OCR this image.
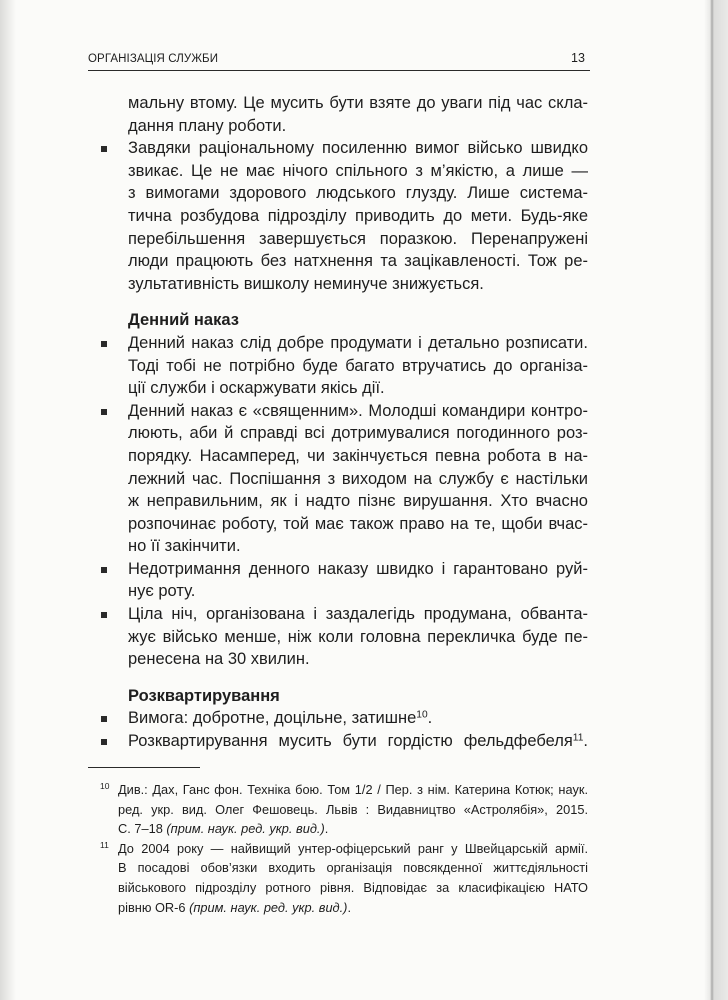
ОРГАНІЗАЦІЯ СЛУЖБИ	13
мальну втому. Це мусить бути взяте до уваги під час скла-
дання плану роботи.
Завдяки раціональному посиленню вимог військо швидко
звикає. Це не має нічого спільного з м’якістю, а лише —
з вимогами здорового людського глузду. Лише система-
тична розбудова підрозділу приводить до мети. Будь-яке
перебільшення завершується поразкою. Перенапружені
люди працюють без натхнення та зацікавленості. Тож ре-
зультативність вишколу неминуче знижується.
Денний наказ
Денний наказ слід добре продумати і детально розписати.
Тоді тобі не потрібно буде багато втручатись до організа-
ції служби і оскаржувати якісь дії.
Денний наказ є «священним». Молодші командири контро-
люють, аби й справді всі дотримувалися погодинного роз-
порядку. Насамперед, чи закінчується певна робота в на-
лежний час. Поспішання з виходом на службу є настільки
ж неправильним, як і надто пізнє вирушання. Хто вчасно
розпочинає роботу, той має також право на те, щоби вчас-
но її закінчити.
Недотримання денного наказу швидко і гарантовано руй-
нує роту.
Ціла ніч, організована і заздалегідь продумана, обванта-
жує військо менше, ніж коли головна перекличка буде пе-
ренесена на 30 хвилин.
Розквартирування
Вимога: добротне, доцільне, затишне$^{10}$.
Розквартирування мусить бути гордістю фельдфебеля$^{11}$.
10 Див.: Дах, Ганс фон. Техніка бою. Том 1/2 / Пер. з нім. Катерина Котюк; наук.
ред. укр. вид. Олег Фешовець. Львів : Видавництво «Астролябія», 2015.
С. 7–18 (прим. наук. ред. укр. вид.).
11 До 2004 року — найвищий унтер-офіцерський ранг у Швейцарській армії.
В посадові обов’язки входить організація повсякденної життєдіяльності
військового підрозділу ротного рівня. Відповідає за класифікацією НАТО
рівню OR-6 (прим. наук. ред. укр. вид.).
